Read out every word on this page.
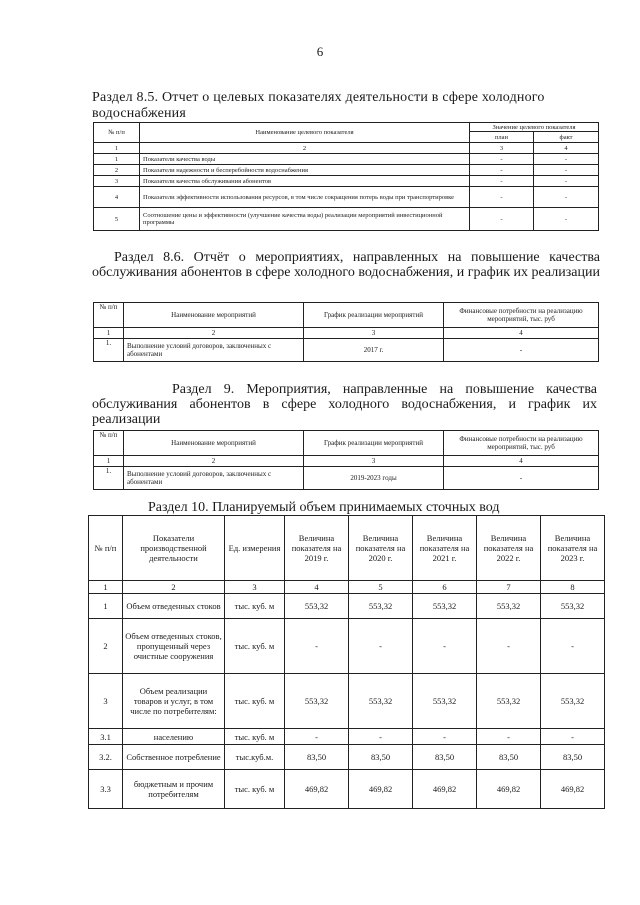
6
Раздел 8.5. Отчет о целевых показателях деятельности в сфере холодного водоснабжения
№ п/п	Наименование целевого показателя	Значение целевого показателя	
		план	факт
1	2	3	4
1	Показатели качества воды	-	-
2	Показатели надежности и бесперебойности водоснабжения	-	-
3	Показатели качества обслуживания абонентов	-	-
4	Показатели эффективности использования ресурсов, в том числе сокращения потерь воды при транспортировке	-	-
5	Соотношение цены и эффективности (улучшение качества воды) реализации мероприятий инвестиционной программы	-	-
Раздел 8.6. Отчёт о мероприятиях, направленных на повышение качества обслуживания абонентов в сфере холодного водоснабжения, и график их реализации
№ п/п	Наименование мероприятий	График реализации мероприятий	Финансовые потребности на реализацию мероприятий, тыс. руб
1	2	3	4
1.	Выполнение условий договоров, заключенных с абонентами	2017 г.	-
Раздел 9. Мероприятия, направленные на повышение качества обслуживания абонентов в сфере холодного водоснабжения, и график их реализации
№ п/п	Наименование мероприятий	График реализации мероприятий	Финансовые потребности на реализацию мероприятий, тыс. руб
1	2	3	4
1.	Выполнение условий договоров, заключенных с абонентами	2019-2023 годы	-
Раздел 10. Планируемый объем принимаемых сточных вод
№ п/п	Показатели производственной деятельности	Ед. измерения	Величина показателя на 2019 г.	Величина показателя на 2020 г.	Величина показателя на 2021 г.	Величина показателя на 2022 г.	Величина показателя на 2023 г.
1	2	3	4	5	6	7	8
1	Объем отведенных стоков	тыс. куб. м	553,32	553,32	553,32	553,32	553,32
2	Объем отведенных стоков, пропущенный через очистные сооружения	тыс. куб. м	-	-	-	-	-
3	Объем реализации товаров и услуг, в том числе по потребителям:	тыс. куб. м	553,32	553,32	553,32	553,32	553,32
3.1	населению	тыс. куб. м	-	-	-	-	-
3.2.	Собственное потребление	тыс.куб.м.	83,50	83,50	83,50	83,50	83,50
3.3	бюджетным и прочим потребителям	тыс. куб. м	469,82	469,82	469,82	469,82	469,82
